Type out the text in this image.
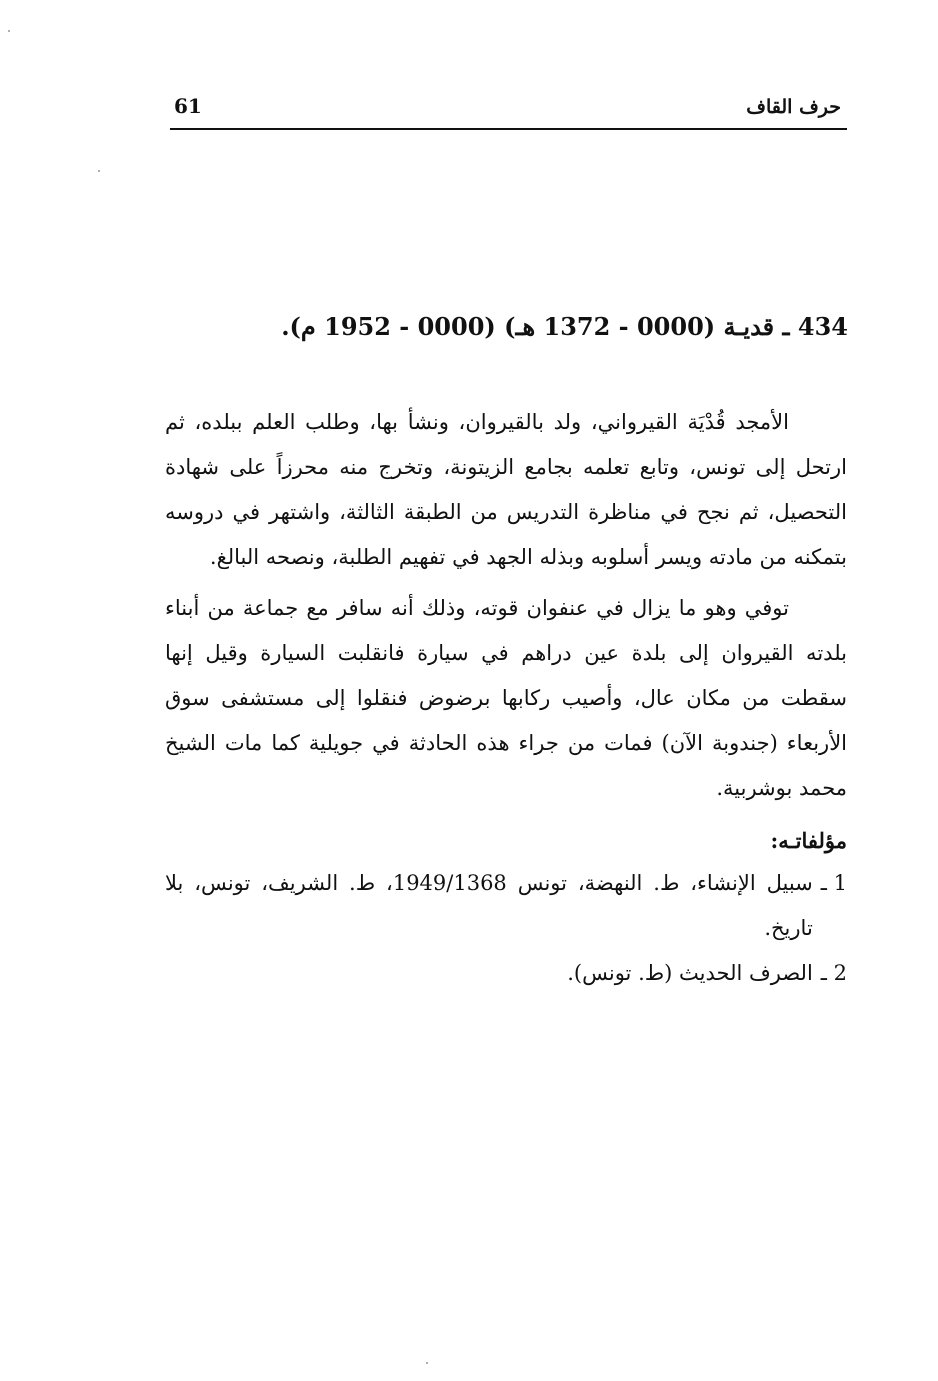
61	حرف القاف
434 ـ قديـة (0000 - 1372 هـ) (0000 - 1952 م).

الأمجد قُدْيَة القيرواني، ولد بالقيروان، ونشأ بها، وطلب العلم ببلده، ثم ارتحل إلى تونس، وتابع تعلمه بجامع الزيتونة، وتخرج منه محرزاً على شهادة التحصيل، ثم نجح في مناظرة التدريس من الطبقة الثالثة، واشتهر في دروسه بتمكنه من مادته ويسر أسلوبه وبذله الجهد في تفهيم الطلبة، ونصحه البالغ.

توفي وهو ما يزال في عنفوان قوته، وذلك أنه سافر مع جماعة من أبناء بلدته القيروان إلى بلدة عين دراهم في سيارة فانقلبت السيارة وقيل إنها سقطت من مكان عال، وأصيب ركابها برضوض فنقلوا إلى مستشفى سوق الأربعاء (جندوبة الآن) فمات من جراء هذه الحادثة في جويلية كما مات الشيخ محمد بوشربية.

مؤلفاتـه:
1 ـ
سبيل الإنشاء، ط. النهضة، تونس 1949/1368، ط. الشريف، تونس، بلا تاريخ.
2 ـ
الصرف الحديث (ط. تونس).
